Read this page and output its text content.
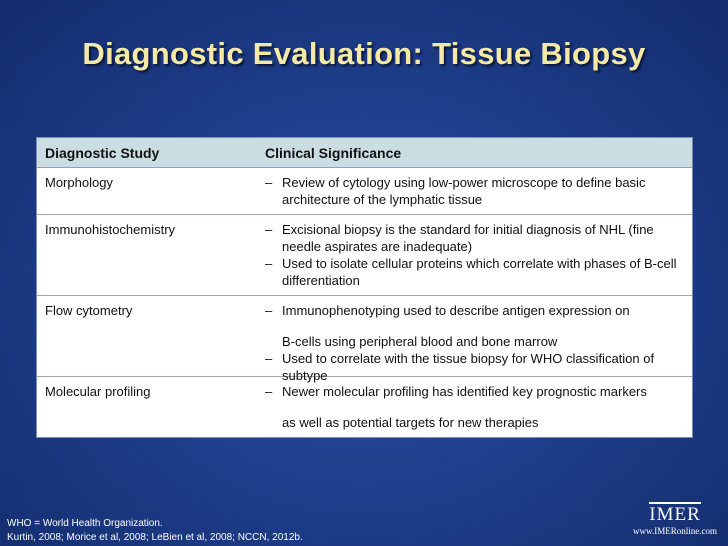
Diagnostic Evaluation: Tissue Biopsy
Diagnostic Study	Clinical Significance
Morphology	– Review of cytology using low-power microscope to define basic architecture of the lymphatic tissue

Immunohistochemistry	– Excisional biopsy is the standard for initial diagnosis of NHL (fine needle aspirates are inadequate)
– Used to isolate cellular proteins which correlate with phases of B-cell differentiation

Flow cytometry	– Immunophenotyping used to describe antigen expression on
B-cells using peripheral blood and bone marrow
– Used to correlate with the tissue biopsy for WHO classification of subtype

Molecular profiling	– Newer molecular profiling has identified key prognostic markers
as well as potential targets for new therapies
WHO = World Health Organization.
Kurtin, 2008; Morice et al, 2008; LeBien et al, 2008; NCCN, 2012b.
IMER
www.IMERonline.com
